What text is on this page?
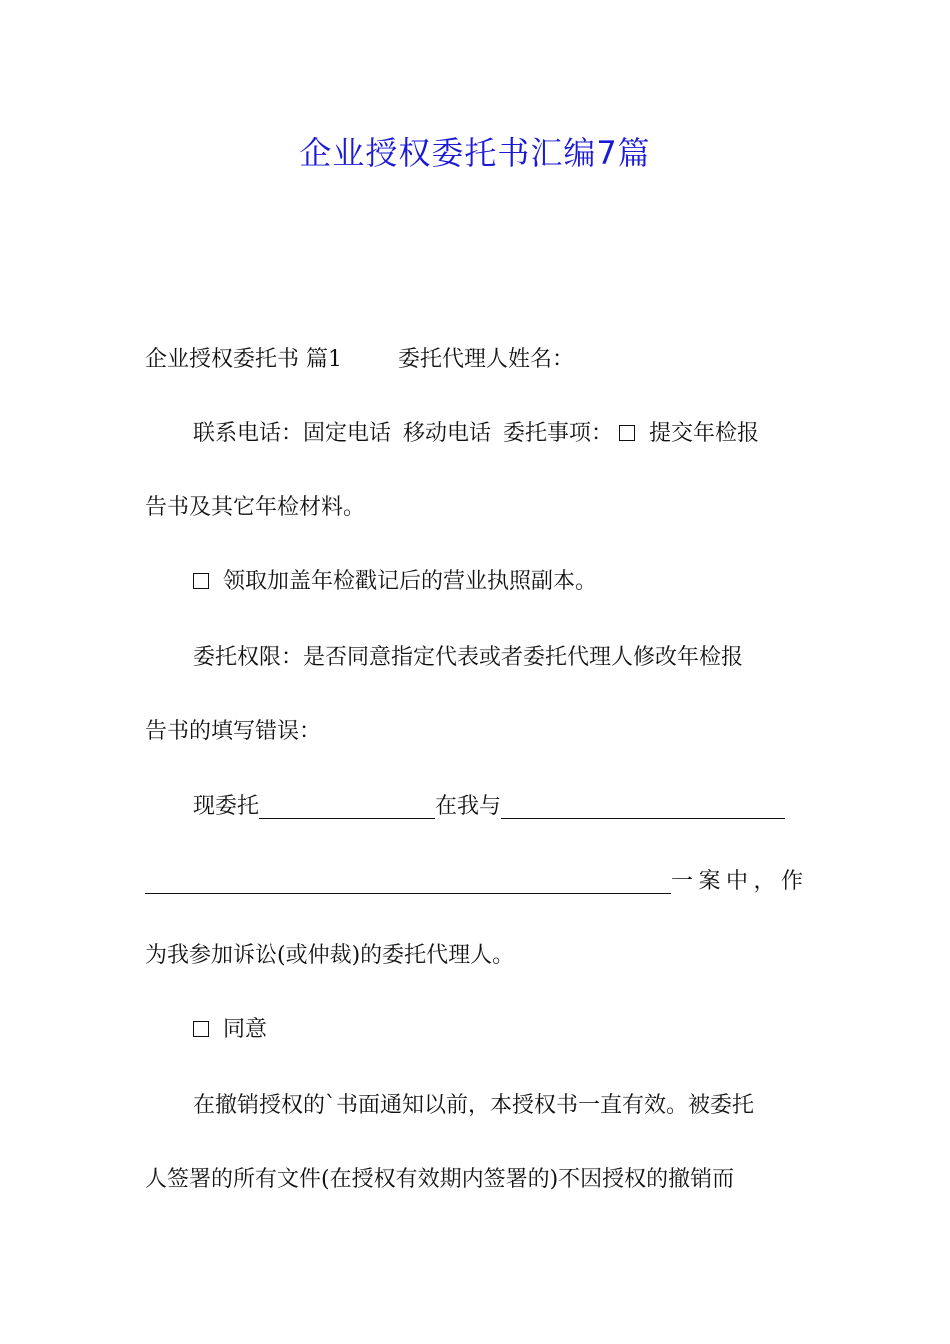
企业授权委托书汇编7篇
企业授权委托书 篇1	委托代理人姓名：
联系电话：固定电话 移动电话 委托事项： 提交年检报
告书及其它年检材料。
领取加盖年检戳记后的营业执照副本。
委托权限：是否同意指定代表或者委托代理人修改年检报
告书的填写错误：
现委托	在我与
一 案 中 ， 作
为我参加诉讼(或仲裁)的委托代理人。
同意
在撤销授权的`书面通知以前，本授权书一直有效。被委托
人签署的所有文件(在授权有效期内签署的)不因授权的撤销而
